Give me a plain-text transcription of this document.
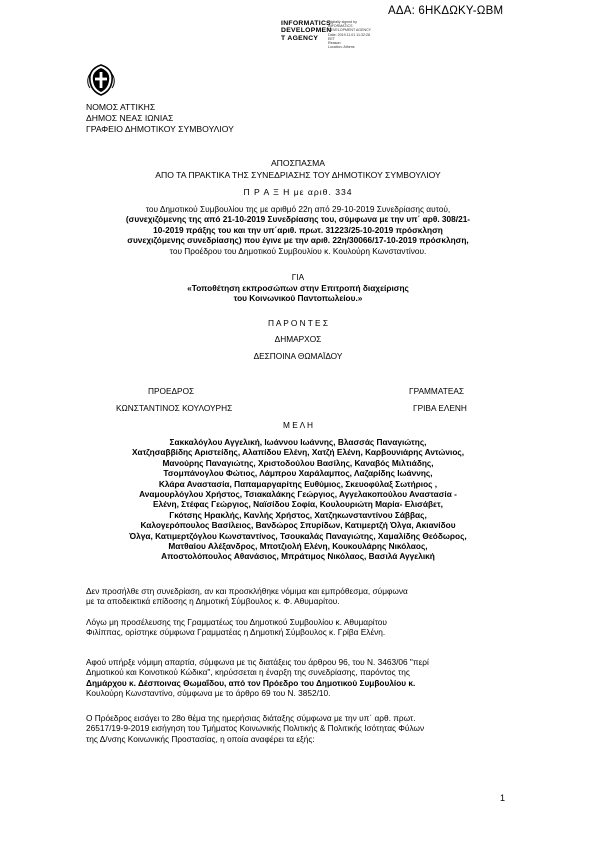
ΑΔΑ: 6ΗΚΔΩΚΥ-ΩΒΜ
INFORMATICS
DEVELOPMEN
T AGENCY
Digitally signed by
INFORMATICS
DEVELOPMENT AGENCY
Date: 2019.11.01 11:32:28
EET
Reason:
Location: Athens
ΝΟΜΟΣ ΑΤΤΙΚΗΣ
ΔΗΜΟΣ ΝΕΑΣ ΙΩΝΙΑΣ
ΓΡΑΦΕΙΟ ΔΗΜΟΤΙΚΟΥ ΣΥΜΒΟΥΛΙΟΥ
ΑΠΟΣΠΑΣΜΑ
ΑΠΟ ΤΑ ΠΡΑΚΤΙΚΑ ΤΗΣ ΣΥΝΕΔΡΙΑΣΗΣ ΤΟΥ ΔΗΜΟΤΙΚΟΥ ΣΥΜΒΟΥΛΙΟΥ
Π Ρ Α Ξ Η με αριθ. 334
του Δημοτικού Συμβουλίου της με αριθμό 22η από 29-10-2019 Συνεδρίασης αυτού,
(συνεχιζόμενης της από 21-10-2019 Συνεδρίασης του, σύμφωνα με την υπ΄ αρθ. 308/21-
10-2019 πράξης του και την υπ΄αριθ. πρωτ. 31223/25-10-2019 πρόσκληση
συνεχιζόμενης συνεδρίασης) που έγινε με την αριθ. 22η/30066/17-10-2019 πρόσκληση,
του Προέδρου του Δημοτικού Συμβουλίου κ. Κουλούρη Κωνσταντίνου.
ΓΙΑ
«Τοποθέτηση εκπροσώπων στην Επιτροπή διαχείρισης
του Κοινωνικού Παντοπωλείου.»
Π Α Ρ Ο Ν Τ Ε Σ
ΔΗΜΑΡΧΟΣ
ΔΕΣΠΟΙΝΑ ΘΩΜΑΪΔΟΥ
ΠΡΟΕΔΡΟΣ	ΓΡΑΜΜΑΤΕΑΣ
ΚΩΝΣΤΑΝΤΙΝΟΣ ΚΟΥΛΟΥΡΗΣ	ΓΡΙΒΑ ΕΛΕΝΗ
Μ Ε Λ Η
Σακκαλόγλου Αγγελική, Ιωάννου Ιωάννης, Βλασσάς Παναγιώτης,
Χατζησαββίδης Αριστείδης, Αλαπίδου Ελένη, Χατζή Ελένη, Καρβουνιάρης Αντώνιος,
Μανούρης Παναγιώτης, Χριστοδούλου Βασίλης, Καναβός Μιλτιάδης,
Τσομπάνογλου Φώτιος, Λάμπρου Χαράλαμπος, Λαζαρίδης Ιωάννης,
Κλάρα Αναστασία, Παπαμαργαρίτης Ευθύμιος, Σκευοφύλαξ Σωτήριος ,
Αναμουρλόγλου Χρήστος, Τσιακαλάκης Γεώργιος, Αγγελακοπούλου Αναστασία -
Ελένη, Στέφας Γεώργιος, Ναϊσίδου Σοφία, Κουλουριώτη Μαρία- Ελισάβετ,
Γκότσης Ηρακλής, Κανλής Χρήστος, Χατζηκωνσταντίνου Σάββας,
Καλογερόπουλος Βασίλειος, Βανδώρος Σπυρίδων, Κατιμερτζή Όλγα, Ακιανίδου
Όλγα, Κατιμερτζόγλου Κωνσταντίνος, Τσουκαλάς Παναγιώτης, Χαμαλίδης Θεόδωρος,
Ματθαίου Αλέξανδρος, Μποτζιολή Ελένη, Κουκουλάρης Νικόλαος,
Αποστολόπουλος Αθανάσιος, Μπράτιμος Νικόλαος, Βασιλά Αγγελική
Δεν προσήλθε στη συνεδρίαση, αν και προσκλήθηκε νόμιμα και εμπρόθεσμα, σύμφωνα
με τα αποδεικτικά επίδοσης η Δημοτική Σύμβουλος κ. Φ. Αθυμαρίτου.
Λόγω μη προσέλευσης της Γραμματέως του Δημοτικού Συμβουλίου κ. Αθυμαρίτου
Φιλίππας, ορίστηκε σύμφωνα Γραμματέας η Δημοτική Σύμβουλος κ. Γρίβα Ελένη.
Αφού υπήρξε νόμιμη απαρτία, σύμφωνα με τις διατάξεις του άρθρου 96, του Ν. 3463/06 "περί
Δημοτικού και Κοινοτικού Κώδικα", κηρύσσεται η έναρξη της συνεδρίασης, παρόντος της
Δημάρχου κ. Δέσποινας Θωμαΐδου, από τον Πρόεδρο του Δημοτικού Συμβουλίου κ.
Κουλούρη Κωνσταντίνο, σύμφωνα με το άρθρο 69 του Ν. 3852/10.
Ο Πρόεδρος εισάγει το 28ο θέμα της ημερήσιας διάταξης σύμφωνα με την υπ΄ αρθ. πρωτ.
26517/19-9-2019 εισήγηση του Τμήματος Κοινωνικής Πολιτικής & Πολιτικής Ισότητας Φύλων
της Δ/νσης Κοινωνικής Προστασίας, η οποία αναφέρει τα εξής:
1
